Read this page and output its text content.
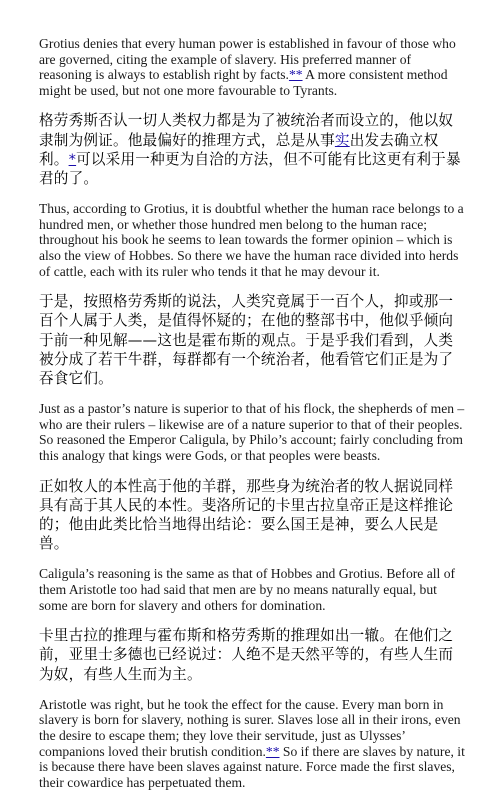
Grotius denies that every human power is established in favour of those who are governed, citing the example of slavery. His preferred manner of reasoning is always to establish right by facts.** A more consistent method might be used, but not one more favourable to Tyrants.

格劳秀斯否认一切人类权力都是为了被统治者而设立的，他以奴隶制为例证。他最偏好的推理方式，总是从事实出发去确立权利。*可以采用一种更为自洽的方法，但不可能有比这更有利于暴君的了。

Thus, according to Grotius, it is doubtful whether the human race belongs to a hundred men, or whether those hundred men belong to the human race; throughout his book he seems to lean towards the former opinion – which is also the view of Hobbes. So there we have the human race divided into herds of cattle, each with its ruler who tends it that he may devour it.

于是，按照格劳秀斯的说法，人类究竟属于一百个人，抑或那一百个人属于人类，是值得怀疑的；在他的整部书中，他似乎倾向于前一种见解——这也是霍布斯的观点。于是乎我们看到，人类被分成了若干牛群，每群都有一个统治者，他看管它们正是为了吞食它们。

Just as a pastor’s nature is superior to that of his flock, the shepherds of men – who are their rulers – likewise are of a nature superior to that of their peoples. So reasoned the Emperor Caligula, by Philo’s account; fairly concluding from this analogy that kings were Gods, or that peoples were beasts.

正如牧人的本性高于他的羊群，那些身为统治者的牧人据说同样具有高于其人民的本性。斐洛所记的卡里古拉皇帝正是这样推论的；他由此类比恰当地得出结论：要么国王是神，要么人民是兽。

Caligula’s reasoning is the same as that of Hobbes and Grotius. Before all of them Aristotle too had said that men are by no means naturally equal, but some are born for slavery and others for domination.

卡里古拉的推理与霍布斯和格劳秀斯的推理如出一辙。在他们之前，亚里士多德也已经说过：人绝不是天然平等的，有些人生而为奴，有些人生而为主。

Aristotle was right, but he took the effect for the cause. Every man born in slavery is born for slavery, nothing is surer. Slaves lose all in their irons, even the desire to escape them; they love their servitude, just as Ulysses’ companions loved their brutish condition.** So if there are slaves by nature, it is because there have been slaves against nature. Force made the first slaves, their cowardice has perpetuated them.
